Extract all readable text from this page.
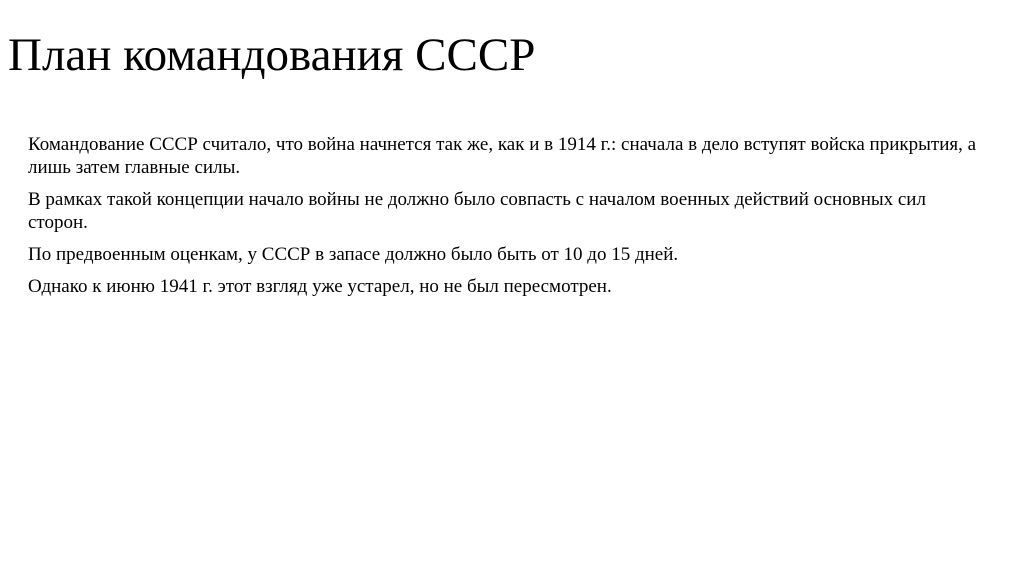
План командования СССР
Командование СССР считало, что война начнется так же, как и в 1914 г.: сначала в дело вступят войска прикрытия, а лишь затем главные силы.
В рамках такой концепции начало войны не должно было совпасть с началом военных действий основных сил сторон.
По предвоенным оценкам, у СССР в запасе должно было быть от 10 до 15 дней.
Однако к июню 1941 г. этот взгляд уже устарел, но не был пересмотрен.
